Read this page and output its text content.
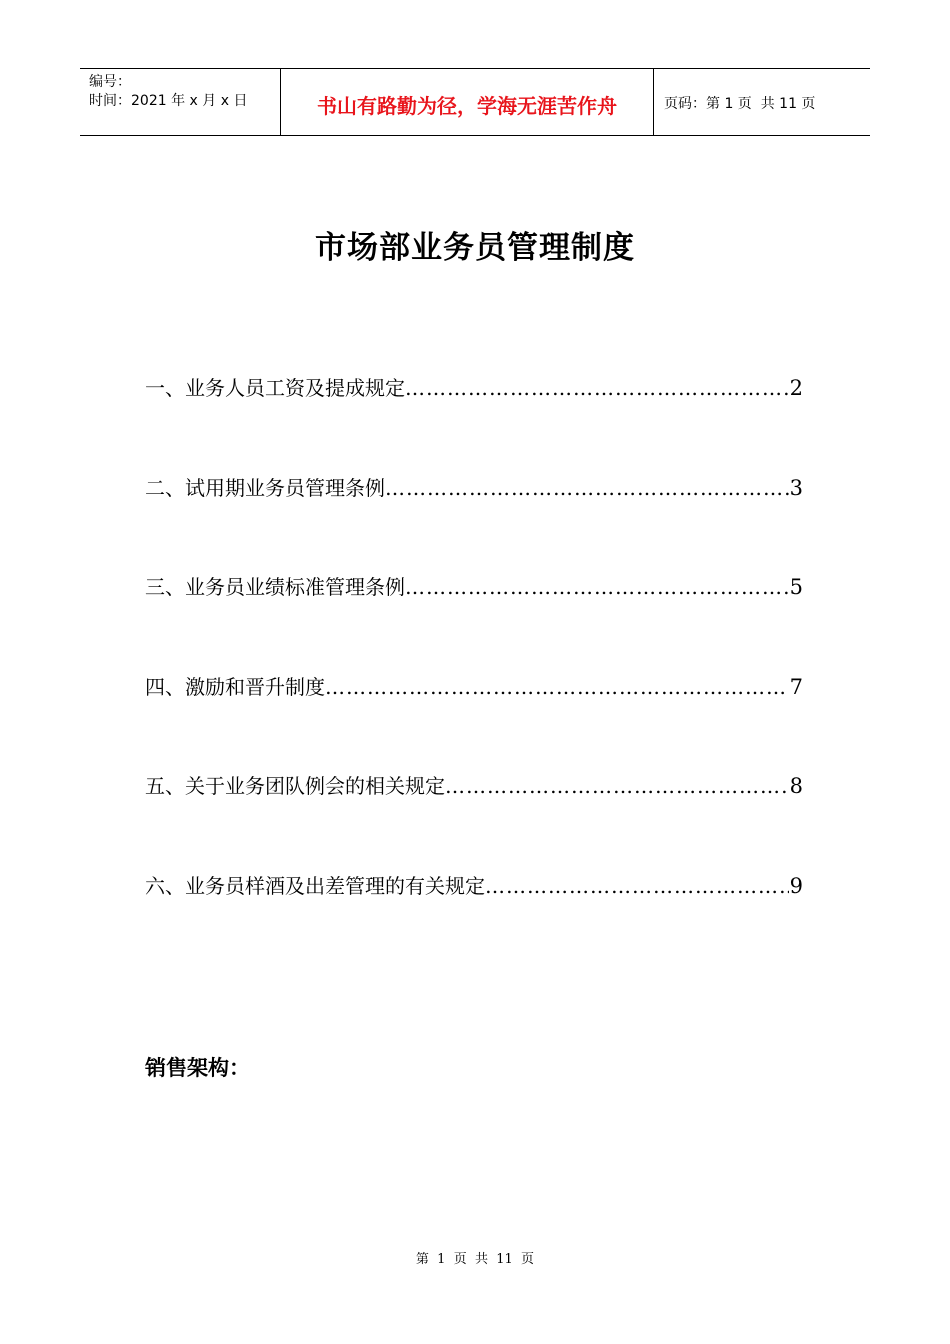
编号：
时间：2021 年 x 月 x 日	书山有路勤为径，学海无涯苦作舟	页码：第 1 页  共 11 页
市场部业务员管理制度
一、业务人员工资及提成规定 ……………………………………………………………………………………………………………………………………	2
二、试用期业务员管理条例 ……………………………………………………………………………………………………………………………………	3
三、业务员业绩标准管理条例 ……………………………………………………………………………………………………………………………………	5
四、激励和晋升制度 ……………………………………………………………………………………………………………………………………	7
五、关于业务团队例会的相关规定 ……………………………………………………………………………………………………………………………………	8
六、业务员样酒及出差管理的有关规定 ……………………………………………………………………………………………………………………………………	9
销售架构：
第  1  页  共  11  页
